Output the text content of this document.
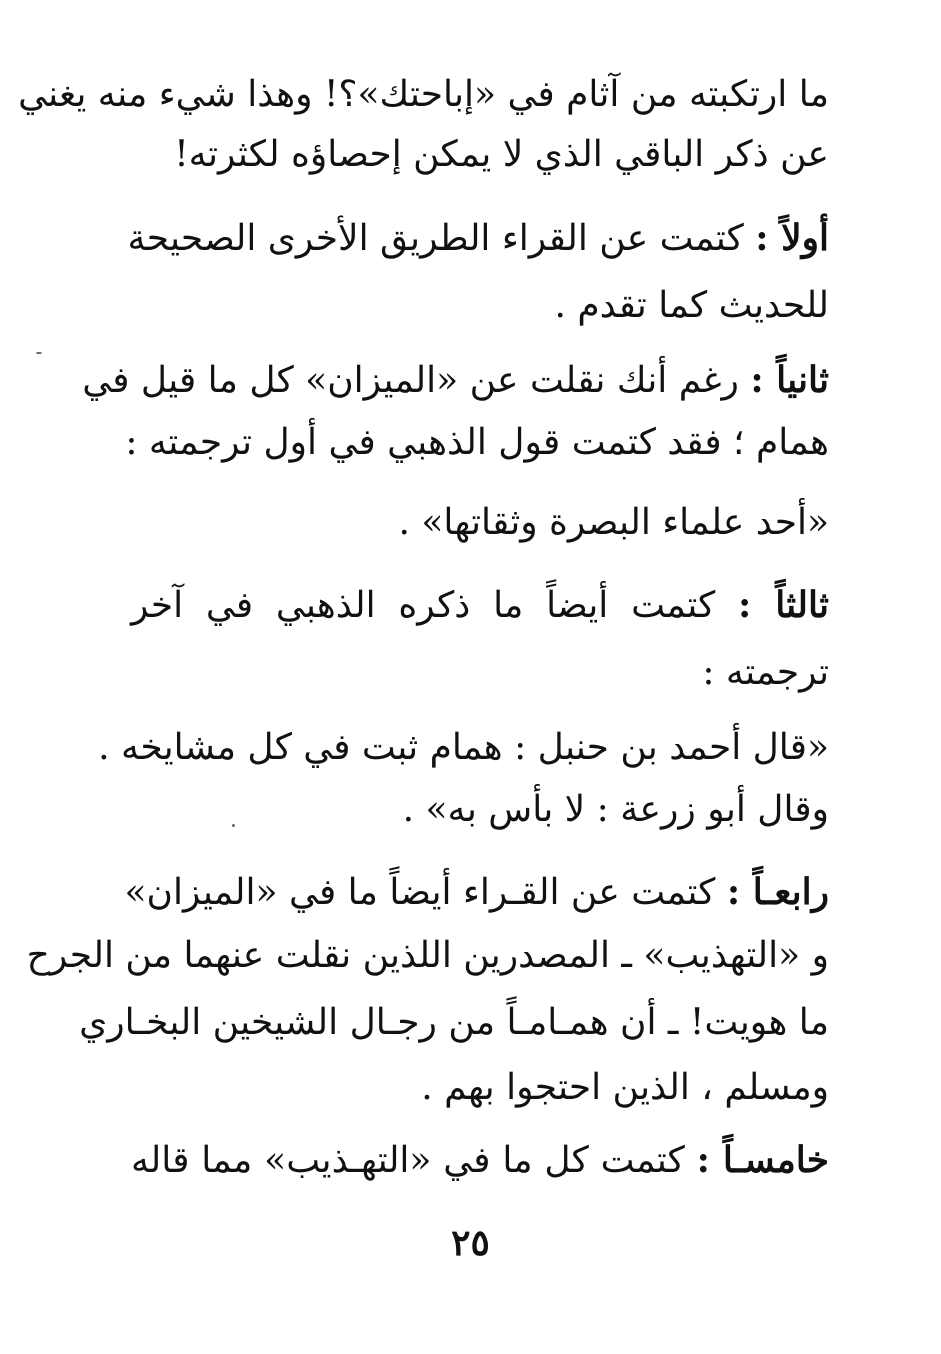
ما ارتكبته من آثام في «إباحتك»؟! وهذا شيء منه يغني
عن ذكر الباقي الذي لا يمكن إحصاؤه لكثرته!
أولاً : كتمت عن القراء الطريق الأخرى الصحيحة
للحديث كما تقدم .
ثانياً : رغم أنك نقلت عن «الميزان» كل ما قيل في
همام ؛ فقد كتمت قول الذهبي في أول ترجمته :
«أحد علماء البصرة وثقاتها» .
ثالثاً : كتمت أيضاً ما ذكره الذهبي في آخر
ترجمته :
«قال أحمد بن حنبل : همام ثبت في كل مشايخه .
وقال أبو زرعة : لا بأس به» .
رابعـاً : كتمت عن القـراء أيضاً ما في «الميزان»
و «التهذيب» ـ المصدرين اللذين نقلت عنهما من الجرح
ما هويت! ـ أن همـامـاً من رجـال الشيخين البخـاري
ومسلم ، الذين احتجوا بهم .
خامسـاً : كتمت كل ما في «التهـذيب» مما قاله
٢٥
